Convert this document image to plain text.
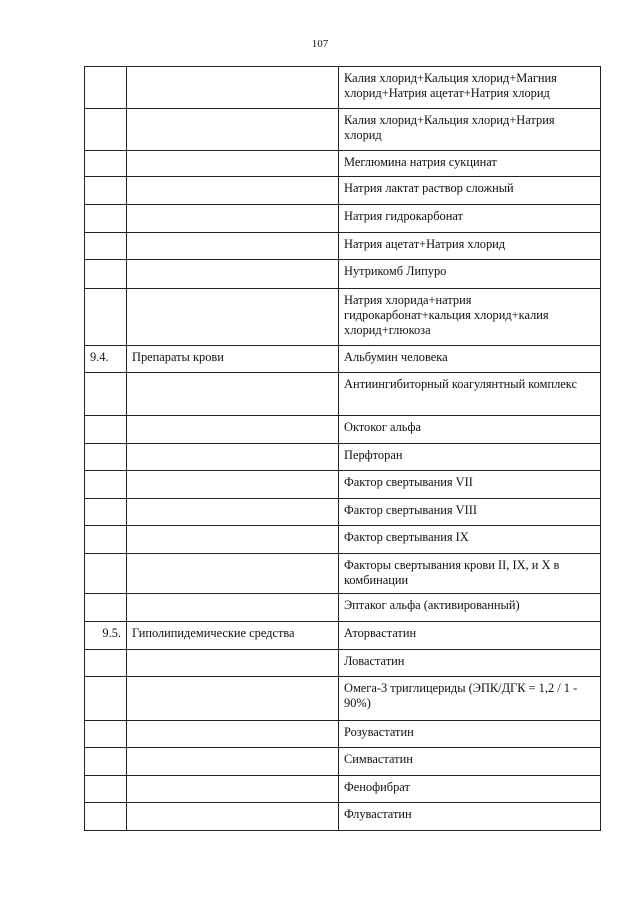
107
		Калия хлорид+Кальция хлорид+Магния хлорид+Натрия ацетат+Натрия хлорид
		Калия хлорид+Кальция хлорид+Натрия хлорид
		Меглюмина натрия сукцинат
		Натрия лактат раствор сложный
		Натрия гидрокарбонат
		Натрия ацетат+Натрия хлорид
		Нутрикомб Липуро
		Натрия хлорида+натрия гидрокарбонат+кальция хлорид+калия хлорид+глюкоза
9.4.	Препараты крови	Альбумин человека
		Антиингибиторный коагулянтный комплекс
		Октоког альфа
		Перфторан
		Фактор свертывания VII
		Фактор свертывания VIII
		Фактор свертывания IX
		Факторы свертывания крови II, IX, и X в комбинации
		Эптаког альфа (активированный)
9.5.	Гиполипидемические средства	Аторвастатин
		Ловастатин
		Омега-3 триглицериды (ЭПК/ДГК = 1,2 / 1 - 90%)
		Розувастатин
		Симвастатин
		Фенофибрат
		Флувастатин
